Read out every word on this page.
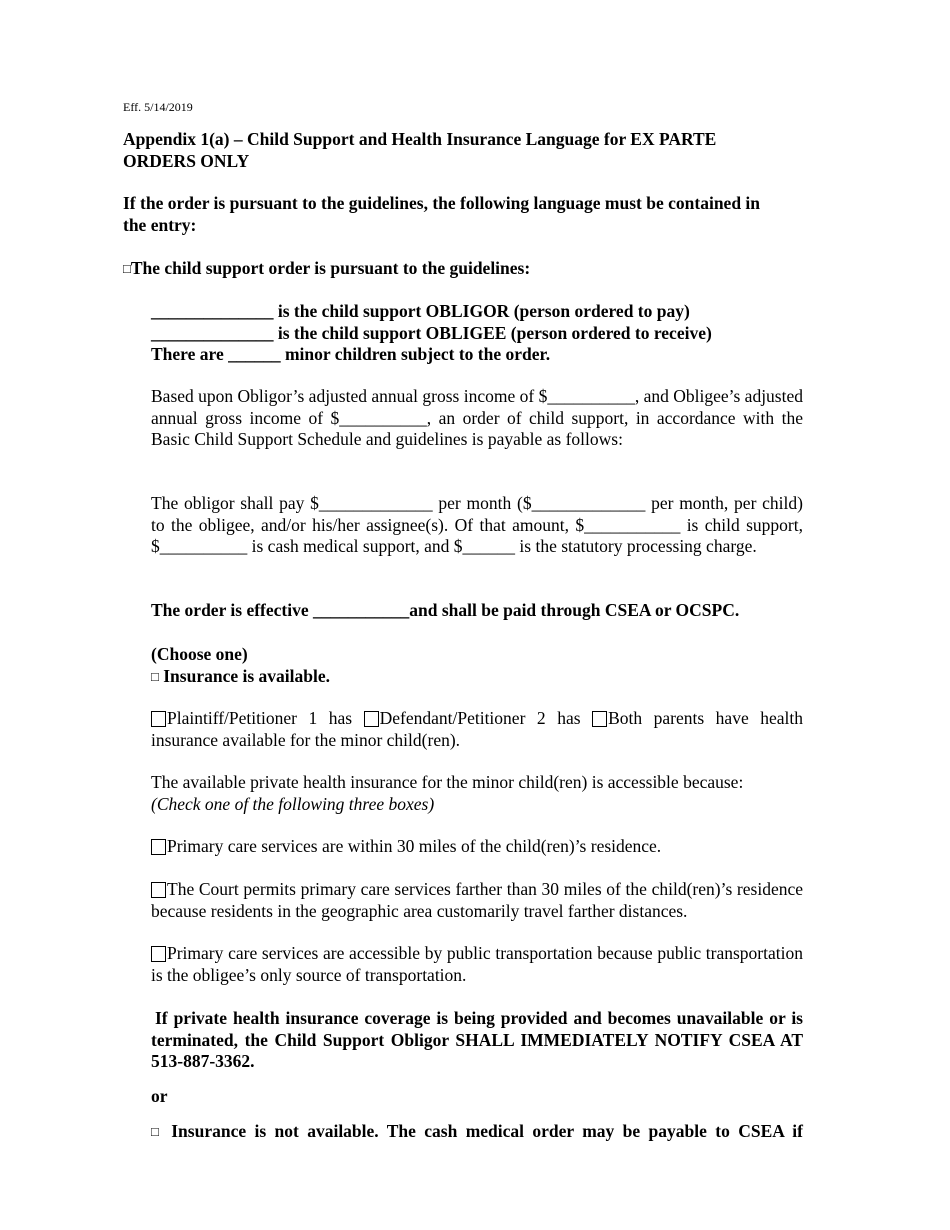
Eff. 5/14/2019
Appendix 1(a) – Child Support and Health Insurance Language for EX PARTE
ORDERS ONLY
If the order is pursuant to the guidelines, the following language must be contained in
the entry:
□The child support order is pursuant to the guidelines:
______________ is the child support OBLIGOR (person ordered to pay)
______________ is the child support OBLIGEE (person ordered to receive)
There are ______ minor children subject to the order.
Based upon Obligor’s adjusted annual gross income of $__________, and Obligee’s adjusted annual gross income of $__________, an order of child support, in accordance with the Basic Child Support Schedule and guidelines is payable as follows:
The obligor shall pay $_____________ per month ($_____________ per month, per child) to the obligee, and/or his/her assignee(s). Of that amount, $___________ is child support, $__________ is cash medical support, and $______ is the statutory processing charge.
The order is effective ___________and shall be paid through CSEA or OCSPC.
(Choose one)
□ Insurance is available.
Plaintiff/Petitioner 1 has Defendant/Petitioner 2 has Both parents have health
insurance available for the minor child(ren).
The available private health insurance for the minor child(ren) is accessible because:
(Check one of the following three boxes)
Primary care services are within 30 miles of the child(ren)’s residence.
The Court permits primary care services farther than 30 miles of the child(ren)’s residence because residents in the geographic area customarily travel farther distances.
Primary care services are accessible by public transportation because public transportation is the obligee’s only source of transportation.
If private health insurance coverage is being provided and becomes unavailable or is terminated, the Child Support Obligor SHALL IMMEDIATELY NOTIFY CSEA AT 513-887-3362.
or
□ Insurance is not available. The cash medical order may be payable to CSEA if
